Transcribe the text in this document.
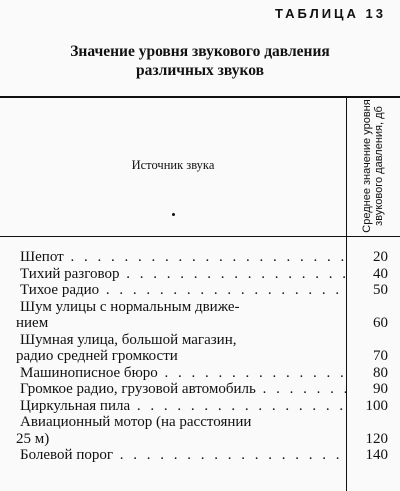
ТАБЛИЦА 13
Значение уровня звукового давления
различных звуков
Источник звука	Среднее значение уровня звукового давления, дб
Шепот . . .	20
Тихий разговор . . .	40
Тихое радио . . .	50
Шум улицы с нормальным движе-
нием	60
Шумная улица, большой магазин,
радио средней громкости	70
Машинописное бюро . . .	80
Громкое радио, грузовой автомобиль . . .	90
Циркульная пила . . .	100
Авиационный мотор (на расстоянии
25 м)	120
Болевой порог . . .	140
